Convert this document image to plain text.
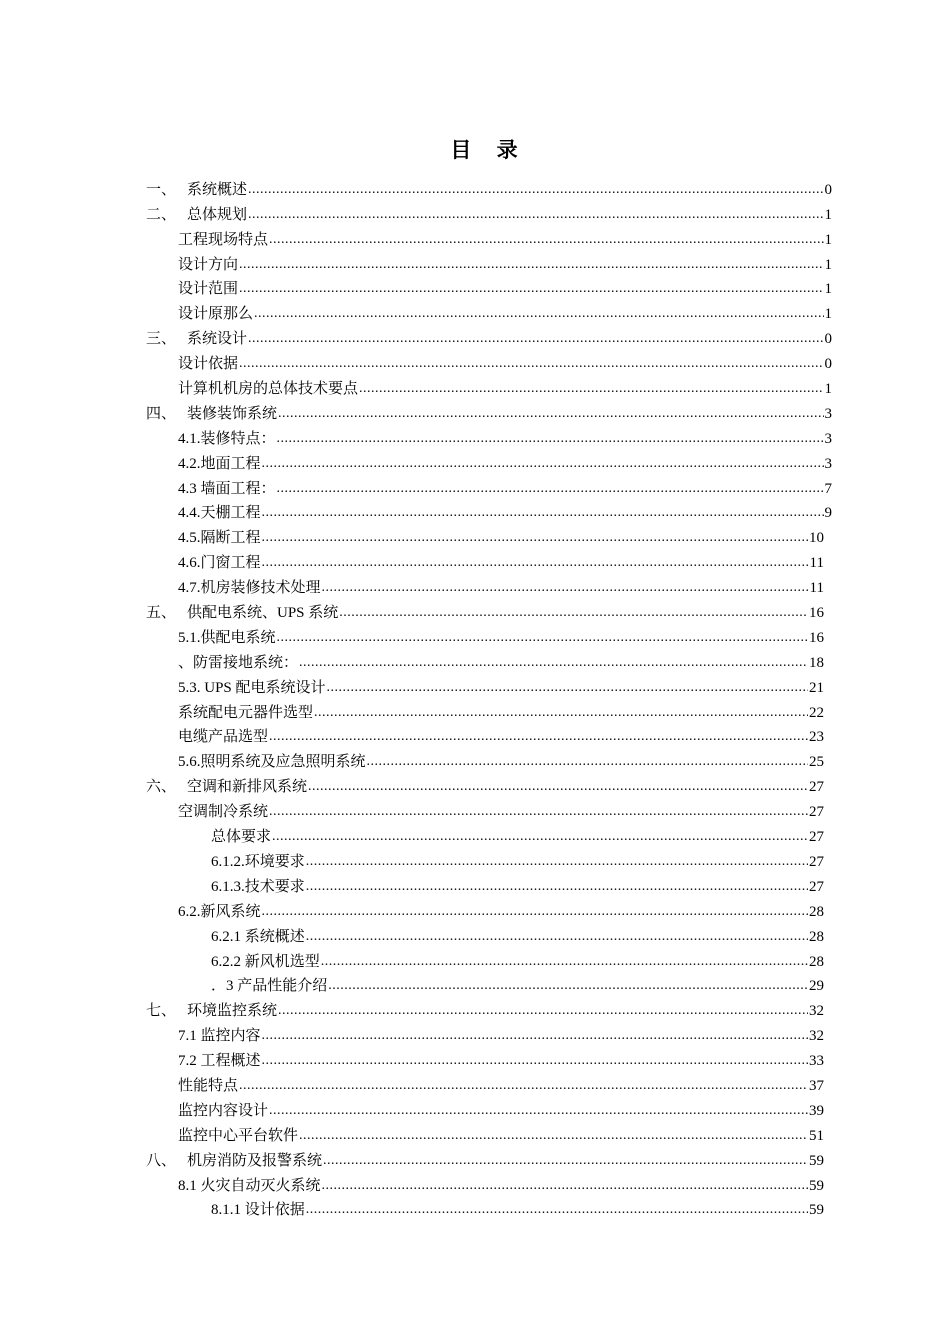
目 录
一、 系统概述 .....	0
二、 总体规划 .....	1
工程现场特点 .....	1
设计方向 .....	1
设计范围 .....	1
设计原那么 .....	1
三、 系统设计 .....	0
设计依据 .....	0
计算机机房的总体技术要点 .....	1
四、 装修装饰系统 .....	3
4.1.装修特点： .....	3
4.2.地面工程 .....	3
4.3 墙面工程： .....	7
4.4.天棚工程 .....	9
4.5.隔断工程 .....	10
4.6.门窗工程 .....	11
4.7.机房装修技术处理 .....	11
五、 供配电系统、UPS 系统 .....	16
5.1.供配电系统 .....	16
、防雷接地系统： .....	18
5.3. UPS 配电系统设计 .....	21
系统配电元器件选型 .....	22
电缆产品选型 .....	23
5.6.照明系统及应急照明系统 .....	25
六、 空调和新排风系统 .....	27
空调制冷系统 .....	27
总体要求 .....	27
6.1.2.环境要求 .....	27
6.1.3.技术要求 .....	27
6.2.新风系统 .....	28
6.2.1 系统概述 .....	28
6.2.2 新风机选型 .....	28
．3 产品性能介绍 .....	29
七、 环境监控系统 .....	32
7.1 监控内容 .....	32
7.2 工程概述 .....	33
性能特点 .....	37
监控内容设计 .....	39
监控中心平台软件 .....	51
八、 机房消防及报警系统 .....	59
8.1 火灾自动灭火系统 .....	59
8.1.1 设计依据 .....	59
